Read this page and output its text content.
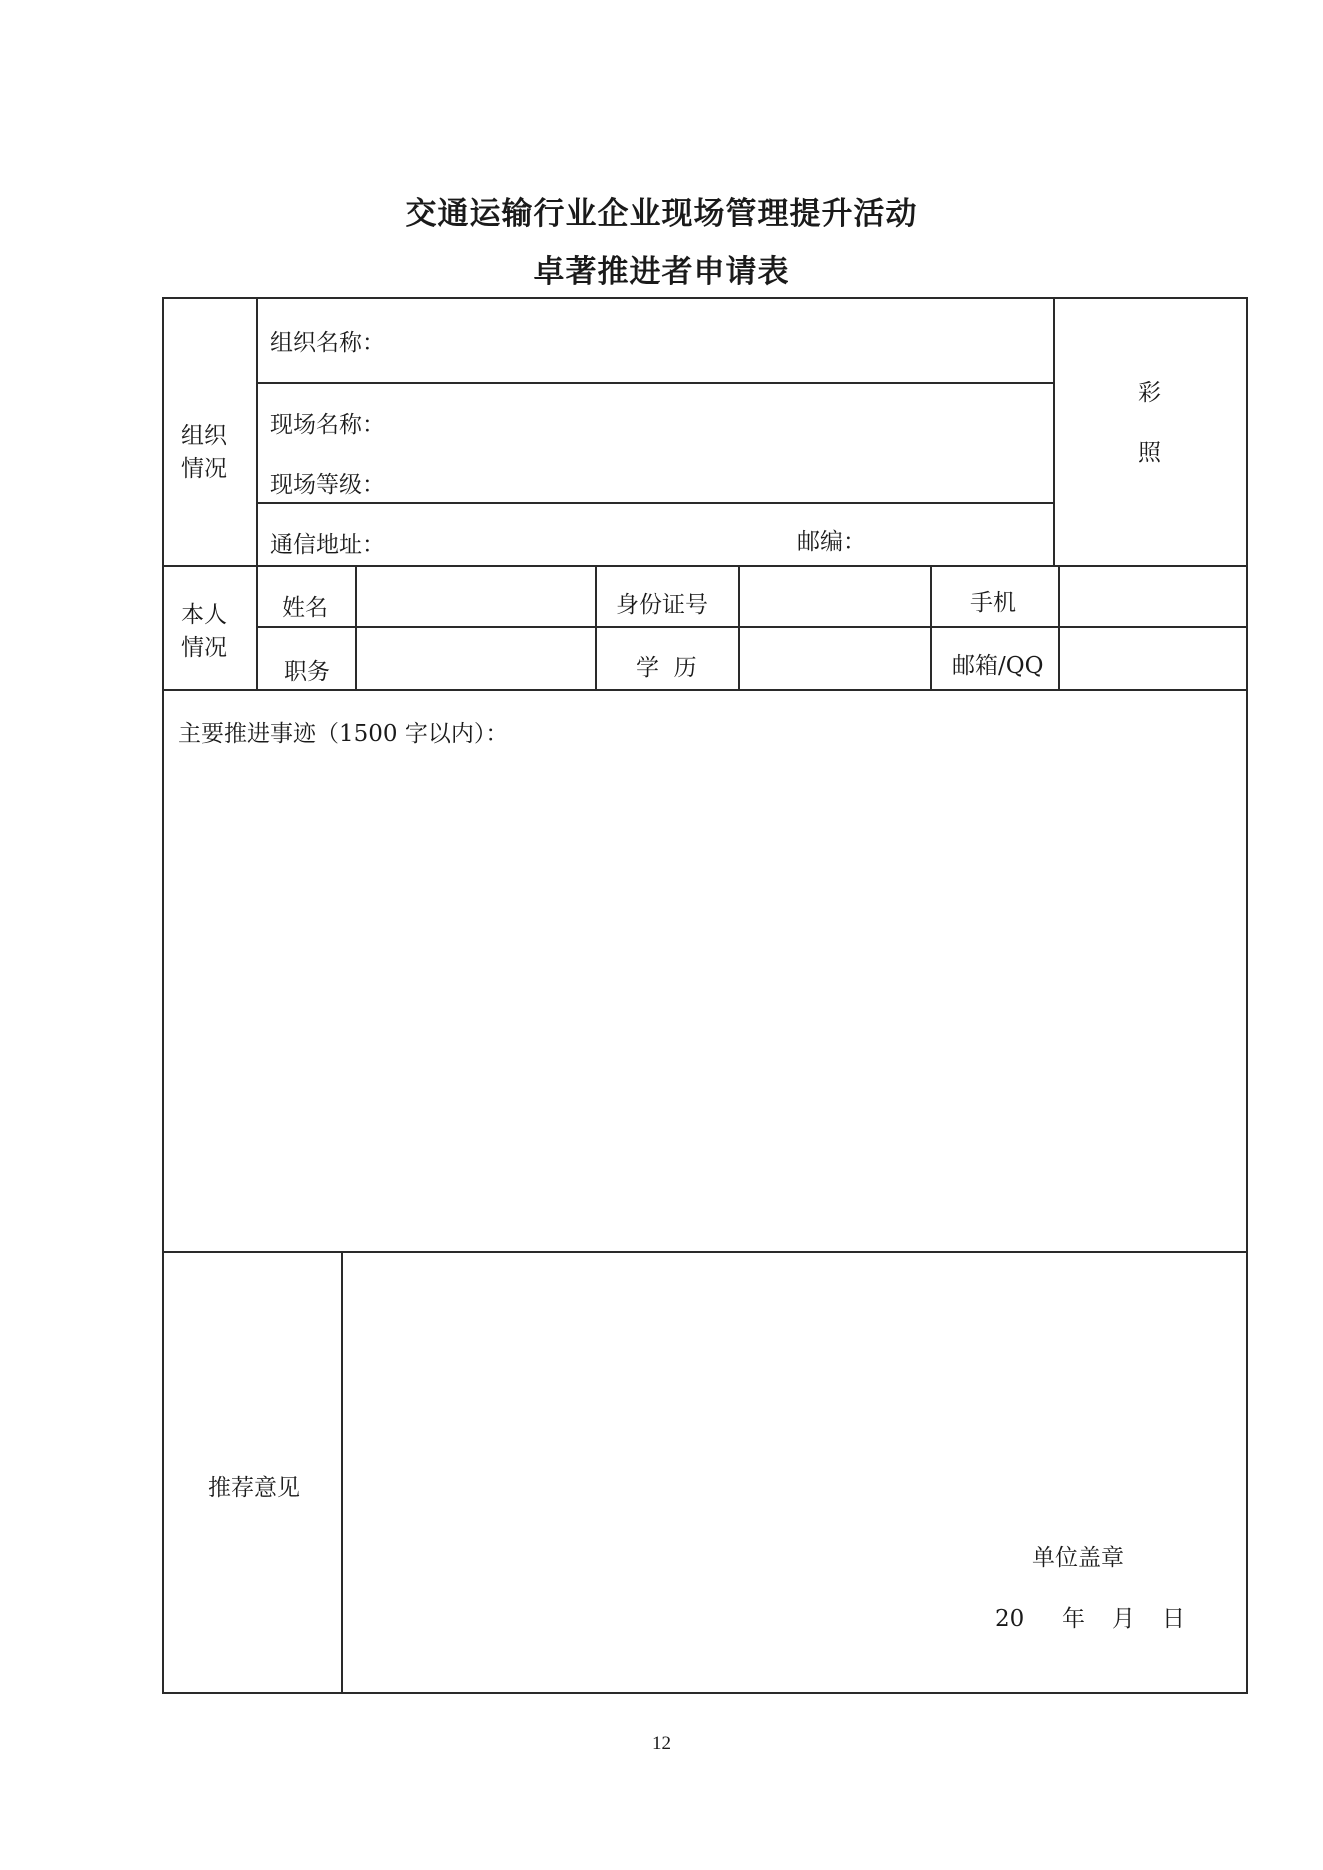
交通运输行业企业现场管理提升活动
卓著推进者申请表
组织
情况
组织名称：
现场名称：
现场等级：
通信地址：	邮编：
彩
照
本人
情况
姓名	身份证号	手机
职务	学  历	邮箱/QQ
主要推进事迹（1500 字以内）：
推荐意见
单位盖章
20 年 月 日
12
